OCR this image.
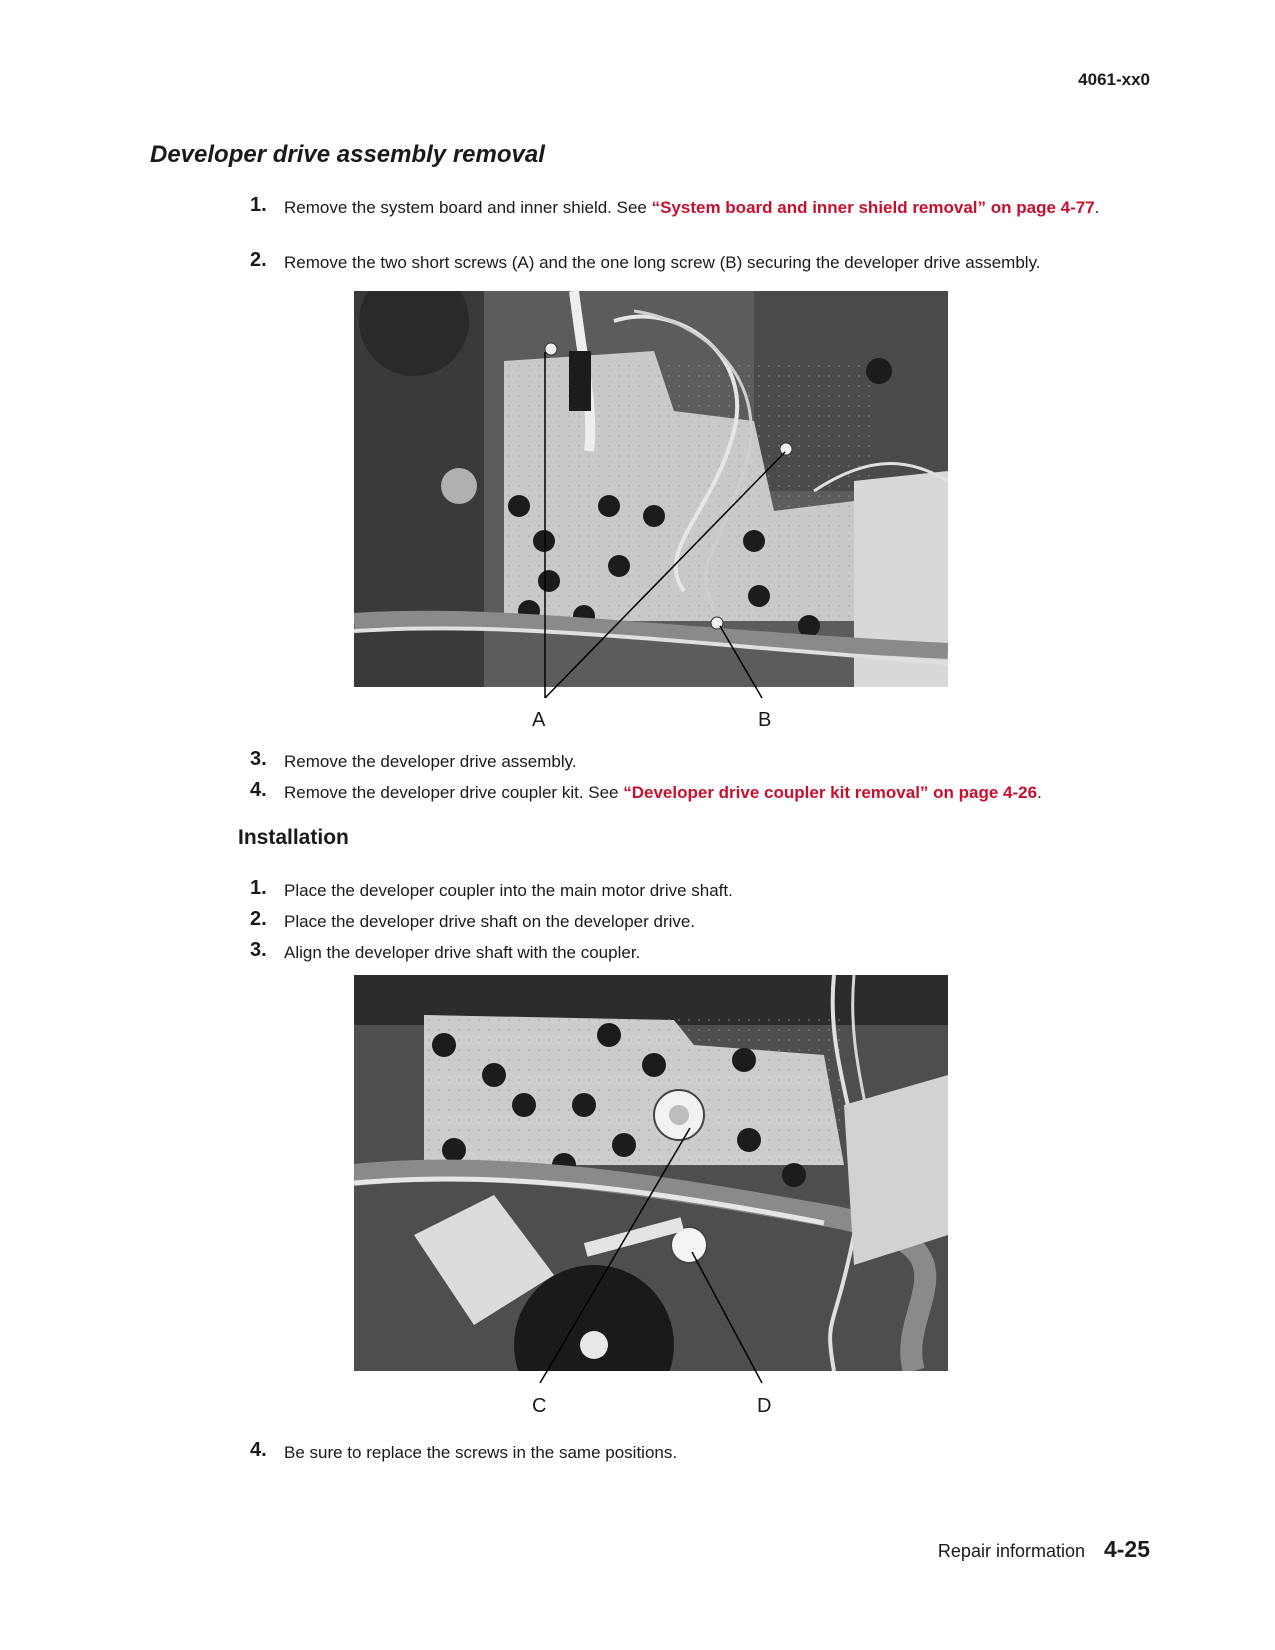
4061-xx0
Developer drive assembly removal
1. Remove the system board and inner shield. See “System board and inner shield removal” on page 4-77.
2. Remove the two short screws (A) and the one long screw (B) securing the developer drive assembly.
A	B
3. Remove the developer drive assembly.
4. Remove the developer drive coupler kit. See “Developer drive coupler kit removal” on page 4-26.
Installation
1. Place the developer coupler into the main motor drive shaft.
2. Place the developer drive shaft on the developer drive.
3. Align the developer drive shaft with the coupler.
C	D
4. Be sure to replace the screws in the same positions.
Repair information 4-25
